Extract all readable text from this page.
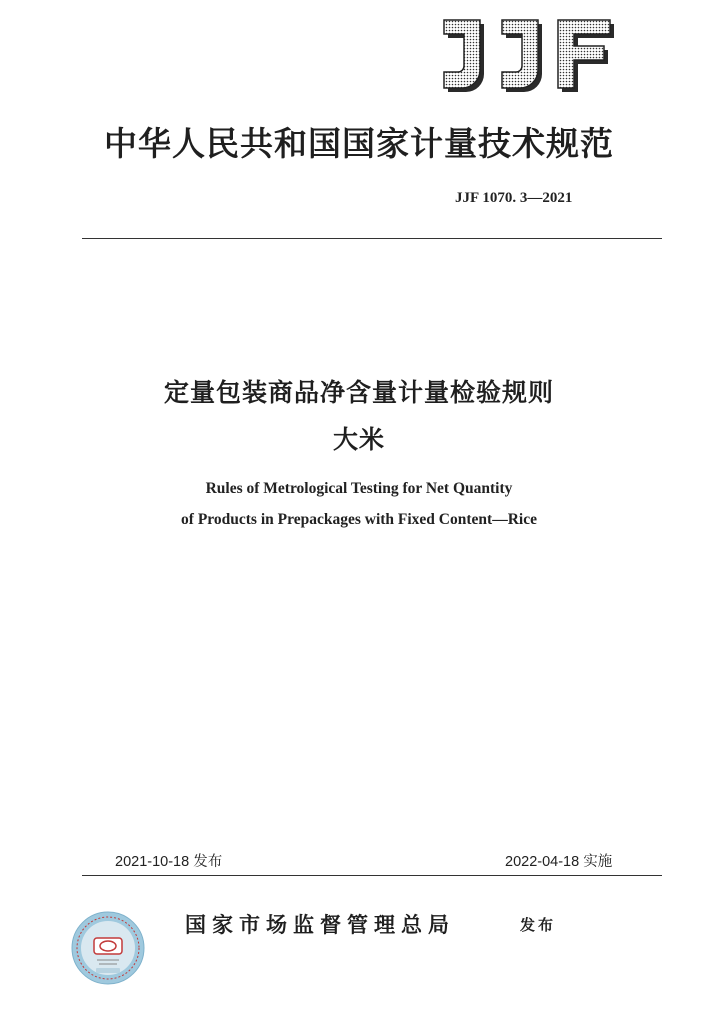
中华人民共和国国家计量技术规范
JJF 1070. 3—2021
定量包装商品净含量计量检验规则
大米
Rules of Metrological Testing for Net Quantity
of Products in Prepackages with Fixed Content—Rice
2021-10-18 发布	2022-04-18 实施
国家市场监督管理总局	发布
